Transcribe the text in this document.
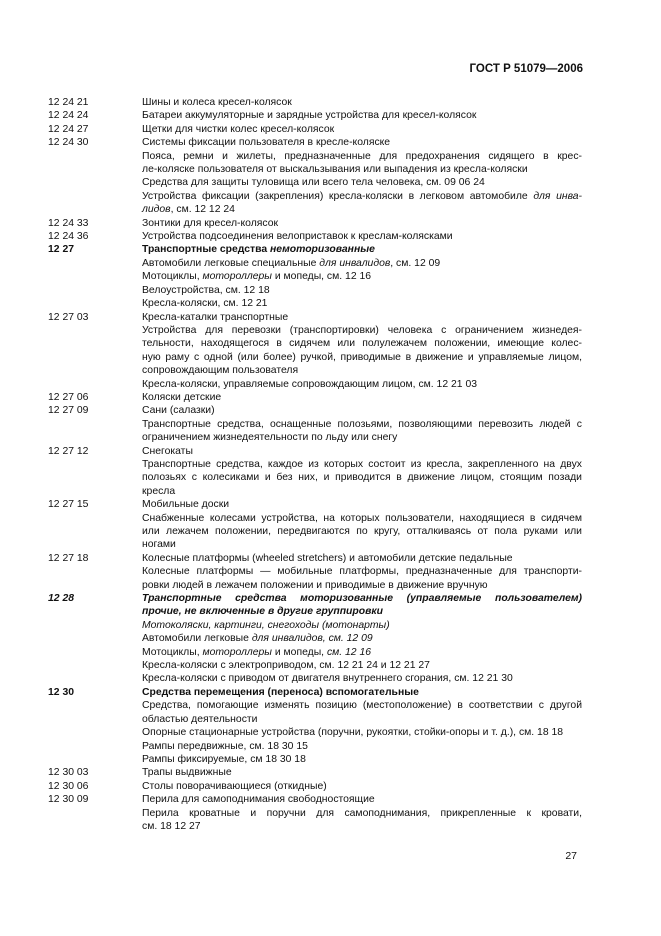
ГОСТ Р 51079—2006
12 24 21	Шины и колеса кресел-колясок
12 24 24	Батареи аккумуляторные и зарядные устройства для кресел-колясок
12 24 27	Щетки для чистки колес кресел-колясок
12 24 30	Системы фиксации пользователя в кресле-коляске
Пояса, ремни и жилеты, предназначенные для предохранения сидящего в крес-
ле-коляске пользователя от выскальзывания или выпадения из кресла-коляски
Средства для защиты туловища или всего тела человека, см. 09 06 24
Устройства фиксации (закрепления) кресла-коляски в легковом автомобиле для инва-
лидов, см. 12 12 24
12 24 33	Зонтики для кресел-колясок
12 24 36	Устройства подсоединения велоприставок к креслам-колясками
12 27	Транспортные средства немоторизованные
Автомобили легковые специальные для инвалидов, см. 12 09
Мотоциклы, мотороллеры и мопеды, см. 12 16
Велоустройства, см. 12 18
Кресла-коляски, см. 12 21
12 27 03	Кресла-каталки транспортные
Устройства для перевозки (транспортировки) человека с ограничением жизнедея-
тельности, находящегося в сидячем или полулежачем положении, имеющие колес-
ную раму с одной (или более) ручкой, приводимые в движение и управляемые лицом,
сопровождающим пользователя
Кресла-коляски, управляемые сопровождающим лицом, см. 12 21 03
12 27 06	Коляски детские
12 27 09	Сани (салазки)
Транспортные средства, оснащенные полозьями, позволяющими перевозить людей с
ограничением жизнедеятельности по льду или снегу
12 27 12	Снегокаты
Транспортные средства, каждое из которых состоит из кресла, закрепленного на двух
полозьях с колесиками и без них, и приводится в движение лицом, стоящим позади
кресла
12 27 15	Мобильные доски
Снабженные колесами устройства, на которых пользователи, находящиеся в сидячем
или лежачем положении, передвигаются по кругу, отталкиваясь от пола руками или
ногами
12 27 18	Колесные платформы (wheeled stretchers) и автомобили детские педальные
Колесные платформы — мобильные платформы, предназначенные для транспорти-
ровки людей в лежачем положении и приводимые в движение вручную
12 28	Транспортные средства моторизованные (управляемые пользователем)
прочие, не включенные в другие группировки
Мотоколяски, картинги, снегоходы (мотонарты)
Автомобили легковые для инвалидов, см. 12 09
Мотоциклы, мотороллеры и мопеды, см. 12 16
Кресла-коляски с электроприводом, см. 12 21 24 и 12 21 27
Кресла-коляски с приводом от двигателя внутреннего сгорания, см. 12 21 30
12 30	Средства перемещения (переноса) вспомогательные
Средства, помогающие изменять позицию (местоположение) в соответствии с другой
областью деятельности
Опорные стационарные устройства (поручни, рукоятки, стойки-опоры и т. д.), см. 18 18
Рампы передвижные, см. 18 30 15
Рампы фиксируемые, см 18 30 18
12 30 03	Трапы выдвижные
12 30 06	Столы поворачивающиеся (откидные)
12 30 09	Перила для самоподнимания свободностоящие
Перила кроватные и поручни для самоподнимания, прикрепленные к кровати,
см. 18 12 27
27
